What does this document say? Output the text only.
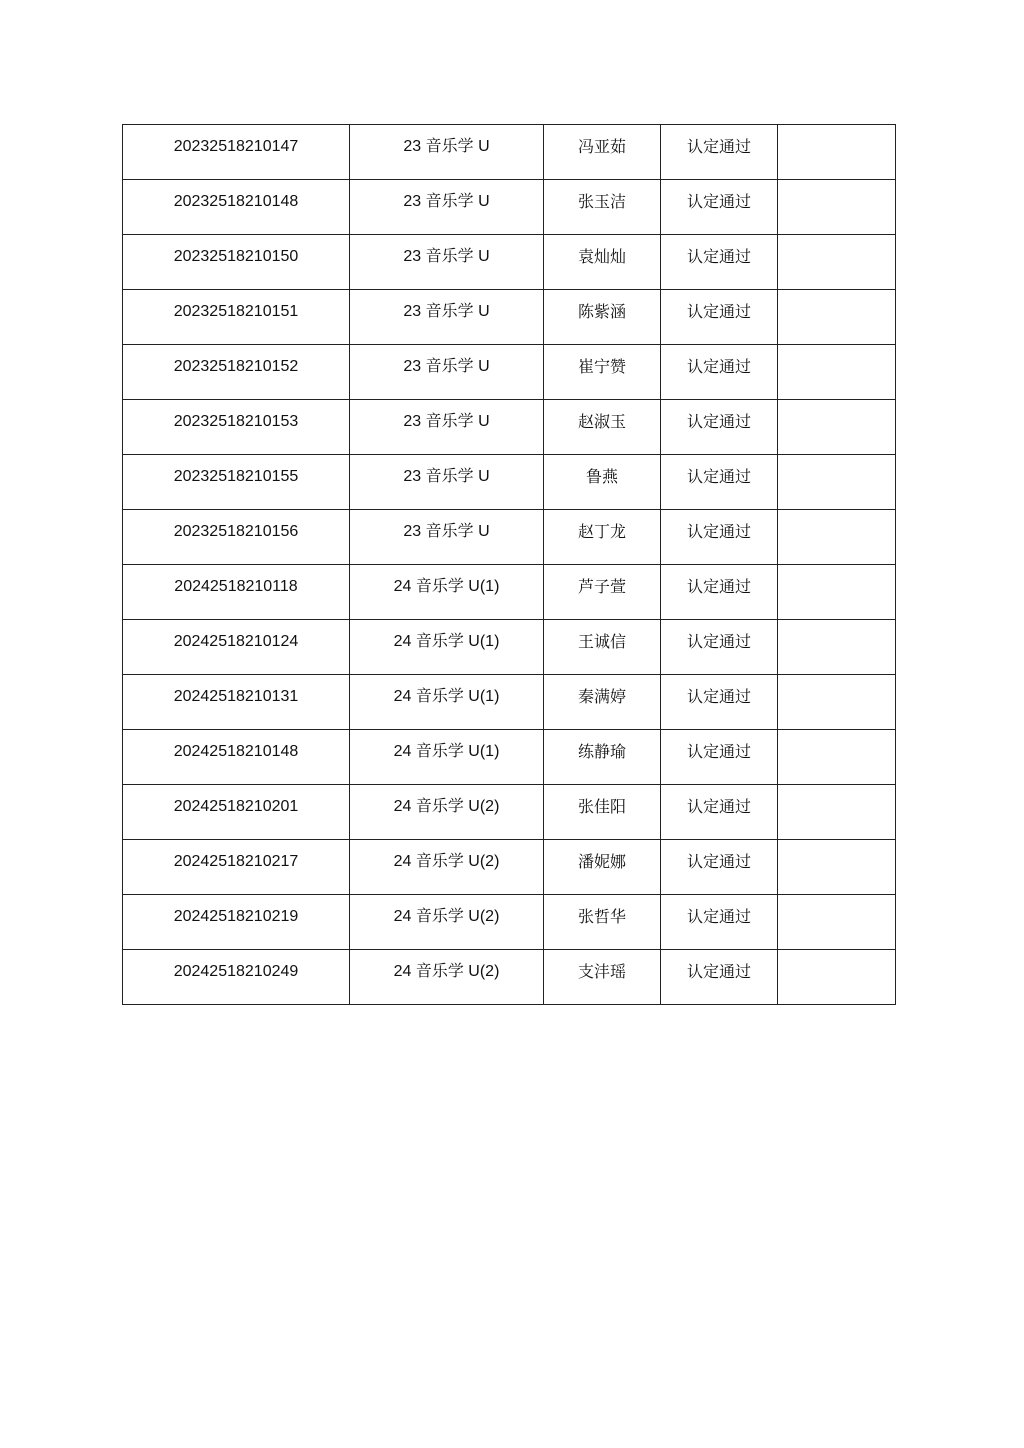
20232518210147	23 音乐学 U	冯亚茹	认定通过	
20232518210148	23 音乐学 U	张玉洁	认定通过	
20232518210150	23 音乐学 U	袁灿灿	认定通过	
20232518210151	23 音乐学 U	陈紫涵	认定通过	
20232518210152	23 音乐学 U	崔宁赞	认定通过	
20232518210153	23 音乐学 U	赵淑玉	认定通过	
20232518210155	23 音乐学 U	鲁燕	认定通过	
20232518210156	23 音乐学 U	赵丁龙	认定通过	
20242518210118	24 音乐学 U(1)	芦子萱	认定通过	
20242518210124	24 音乐学 U(1)	王诚信	认定通过	
20242518210131	24 音乐学 U(1)	秦满婷	认定通过	
20242518210148	24 音乐学 U(1)	练静瑜	认定通过	
20242518210201	24 音乐学 U(2)	张佳阳	认定通过	
20242518210217	24 音乐学 U(2)	潘妮娜	认定通过	
20242518210219	24 音乐学 U(2)	张哲华	认定通过	
20242518210249	24 音乐学 U(2)	支沣瑶	认定通过	
